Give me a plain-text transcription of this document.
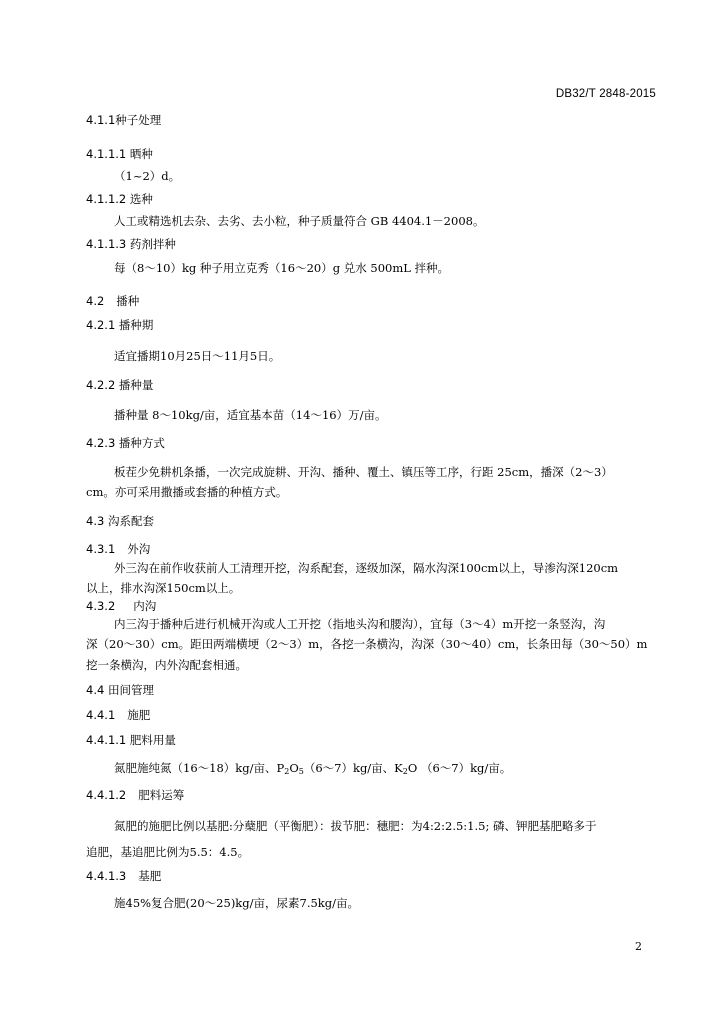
DB32/T 2848-2015
4.1.1种子处理
4.1.1.1 晒种
（1~2）d。
4.1.1.2 选种
人工或精选机去杂、去劣、去小粒，种子质量符合 GB 4404.1－2008。
4.1.1.3 药剂拌种
每（8～10）kg 种子用立克秀（16～20）g 兑水 500mL 拌种。
4.2 播种
4.2.1 播种期
适宜播期10月25日～11月5日。
4.2.2 播种量
播种量 8～10kg/亩，适宜基本苗（14～16）万/亩。
4.2.3 播种方式
板茬少免耕机条播，一次完成旋耕、开沟、播种、覆土、镇压等工序，行距 25cm，播深（2～3）
cm。亦可采用撒播或套播的种植方式。
4.3 沟系配套
4.3.1 外沟
外三沟在前作收获前人工清理开挖，沟系配套，逐级加深，隔水沟深100cm以上，导渗沟深120cm
以上，排水沟深150cm以上。
4.3.2 内沟
内三沟于播种后进行机械开沟或人工开挖（指地头沟和腰沟），宜每（3～4）m开挖一条竖沟，沟
深（20～30）cm。距田两端横埂（2～3）m，各挖一条横沟，沟深（30～40）cm，长条田每（30～50）m
挖一条横沟，内外沟配套相通。
4.4 田间管理
4.4.1 施肥
4.4.1.1 肥料用量
氮肥施纯氮（16～18）kg/亩、$P_2O_5(6\sim 7)kg/$亩、$K_2O$ （6～7）kg/亩。
4.4.1.2 肥料运筹
氮肥的施肥比例以基肥:分蘖肥（平衡肥）：拔节肥：穗肥：为4:2:2.5:1.5; 磷、钾肥基肥略多于
追肥，基追肥比例为5.5：4.5。
4.4.1.3 基肥
施45%复合肥(20～25)kg/亩，尿素7.5kg/亩。
2
